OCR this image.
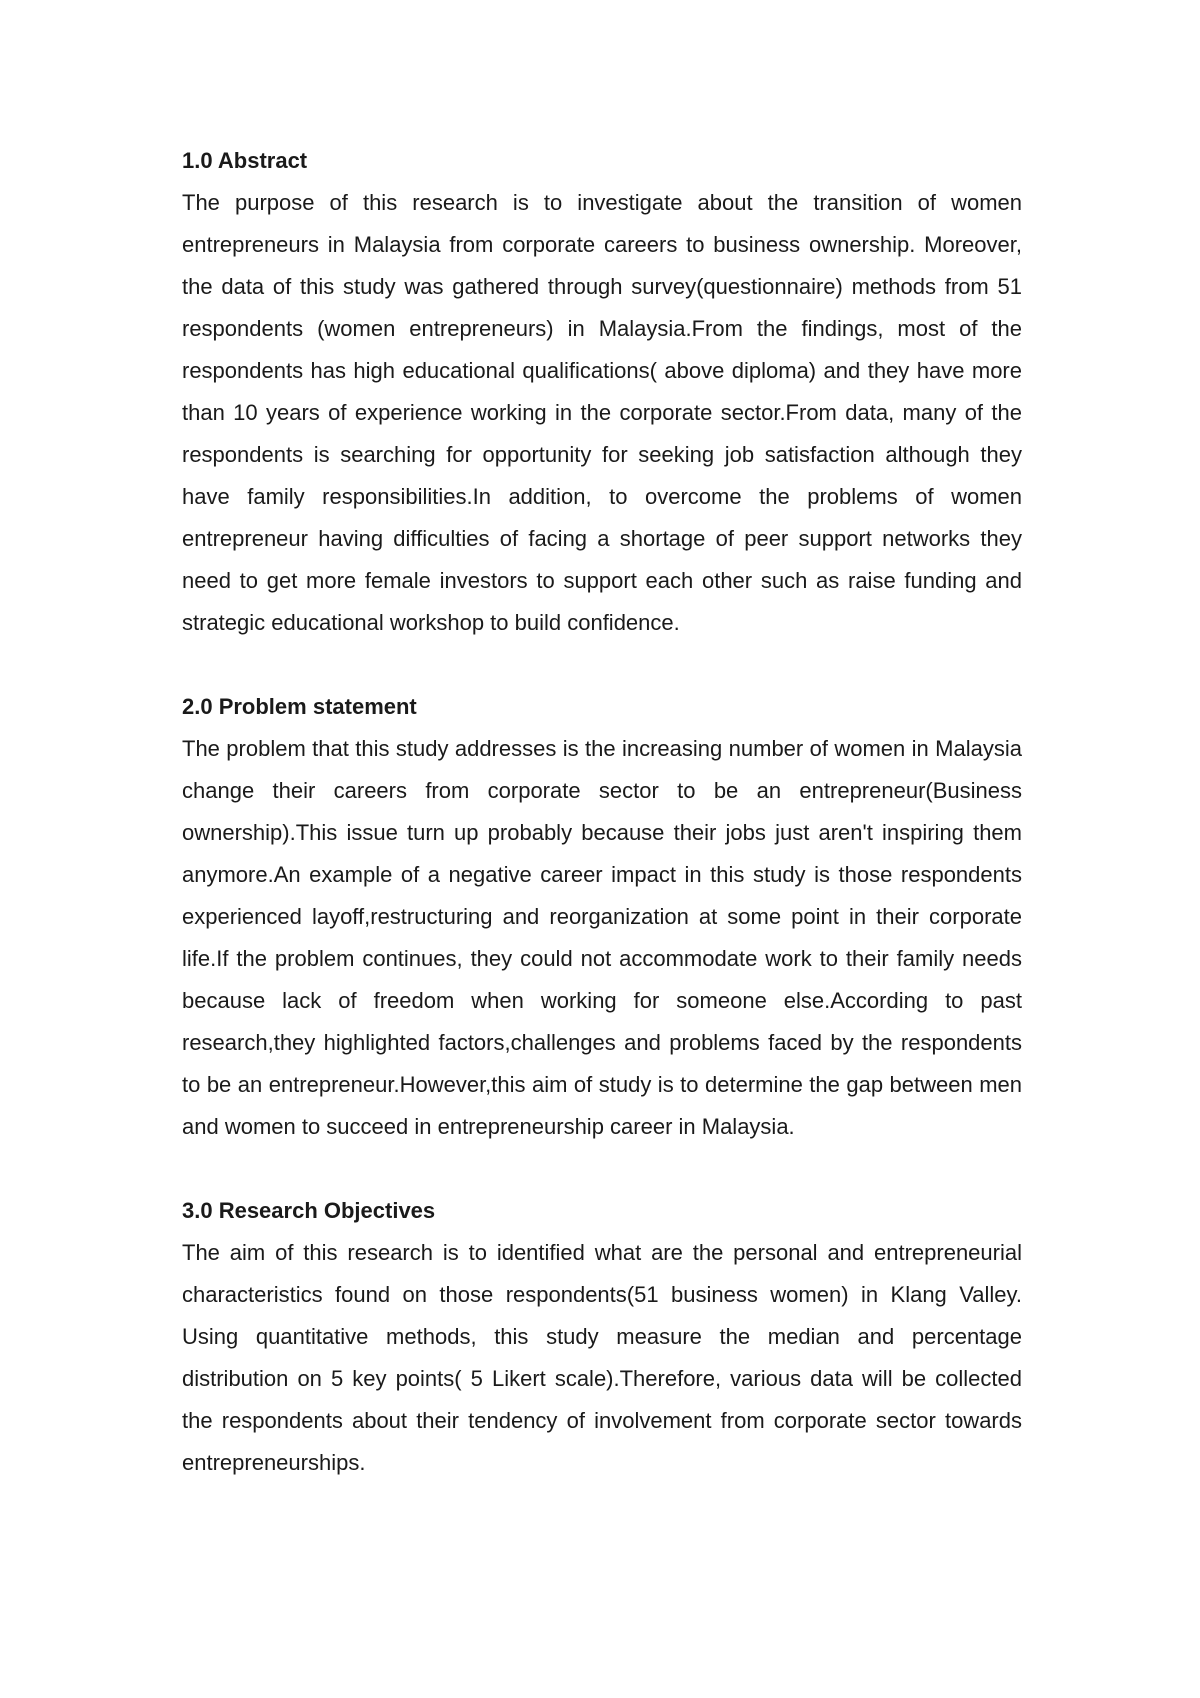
1.0 Abstract

The purpose of this research is to investigate about the transition of women entrepreneurs in Malaysia from corporate careers to business ownership. Moreover, the data of this study was gathered through survey(questionnaire) methods from 51 respondents (women entrepreneurs) in Malaysia.From the findings, most of the respondents has high educational qualifications( above diploma) and they have more than 10 years of experience working in the corporate sector.From data, many of the respondents is searching for opportunity for seeking job satisfaction although they have family responsibilities.In addition, to overcome the problems of women entrepreneur having difficulties of facing a shortage of peer support networks they need to get more female investors to support each other such as raise funding and strategic educational workshop to build confidence.

2.0 Problem statement

The problem that this study addresses is the increasing number of women in Malaysia change their careers from corporate sector to be an entrepreneur(Business ownership).This issue turn up probably because their jobs just aren't inspiring them anymore.An example of a negative career impact in this study is those respondents experienced layoff,restructuring and reorganization at some point in their corporate life.If the problem continues, they could not accommodate work to their family needs because lack of freedom when working for someone else.According to past research,they highlighted factors,challenges and problems faced by the respondents to be an entrepreneur.However,this aim of study is to determine the gap between men and women to succeed in entrepreneurship career in Malaysia.

3.0 Research Objectives

The aim of this research is to identified what are the personal and entrepreneurial characteristics found on those respondents(51 business women) in Klang Valley. Using quantitative methods, this study measure the median and percentage distribution on 5 key points( 5 Likert scale).Therefore, various data will be collected the respondents about their tendency of involvement from corporate sector towards entrepreneurships.
